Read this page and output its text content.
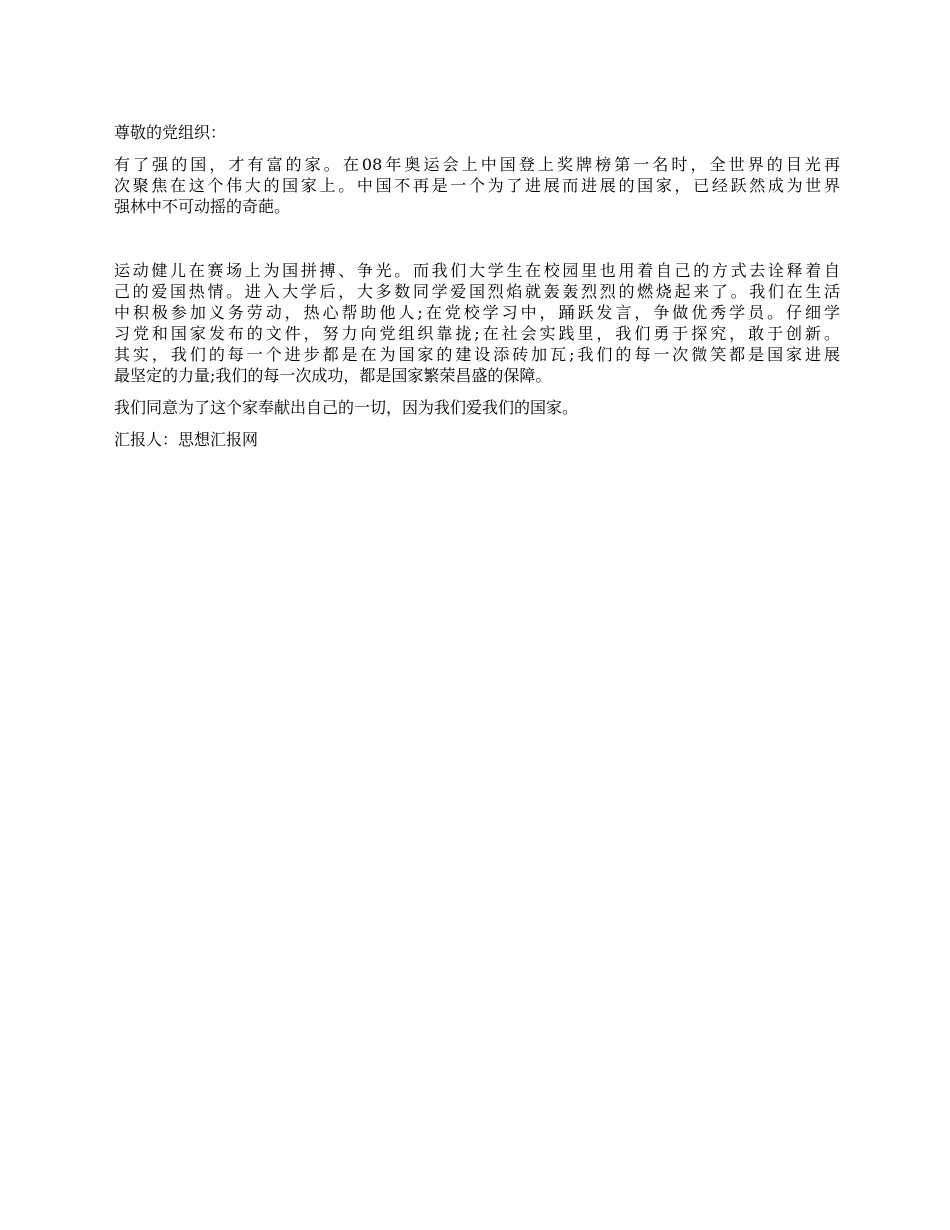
尊敬的党组织：

有了强的国，才有富的家。在08年奥运会上中国登上奖牌榜第一名时，全世界的目光再
次聚焦在这个伟大的国家上。中国不再是一个为了进展而进展的国家，已经跃然成为世界
强林中不可动摇的奇葩。

运动健儿在赛场上为国拼搏、争光。而我们大学生在校园里也用着自己的方式去诠释着自
己的爱国热情。进入大学后，大多数同学爱国烈焰就轰轰烈烈的燃烧起来了。我们在生活
中积极参加义务劳动，热心帮助他人;在党校学习中，踊跃发言，争做优秀学员。仔细学
习党和国家发布的文件，努力向党组织靠拢;在社会实践里，我们勇于探究，敢于创新。
其实，我们的每一个进步都是在为国家的建设添砖加瓦;我们的每一次微笑都是国家进展
最坚定的力量;我们的每一次成功，都是国家繁荣昌盛的保障。

我们同意为了这个家奉献出自己的一切，因为我们爱我们的国家。

汇报人：思想汇报网
